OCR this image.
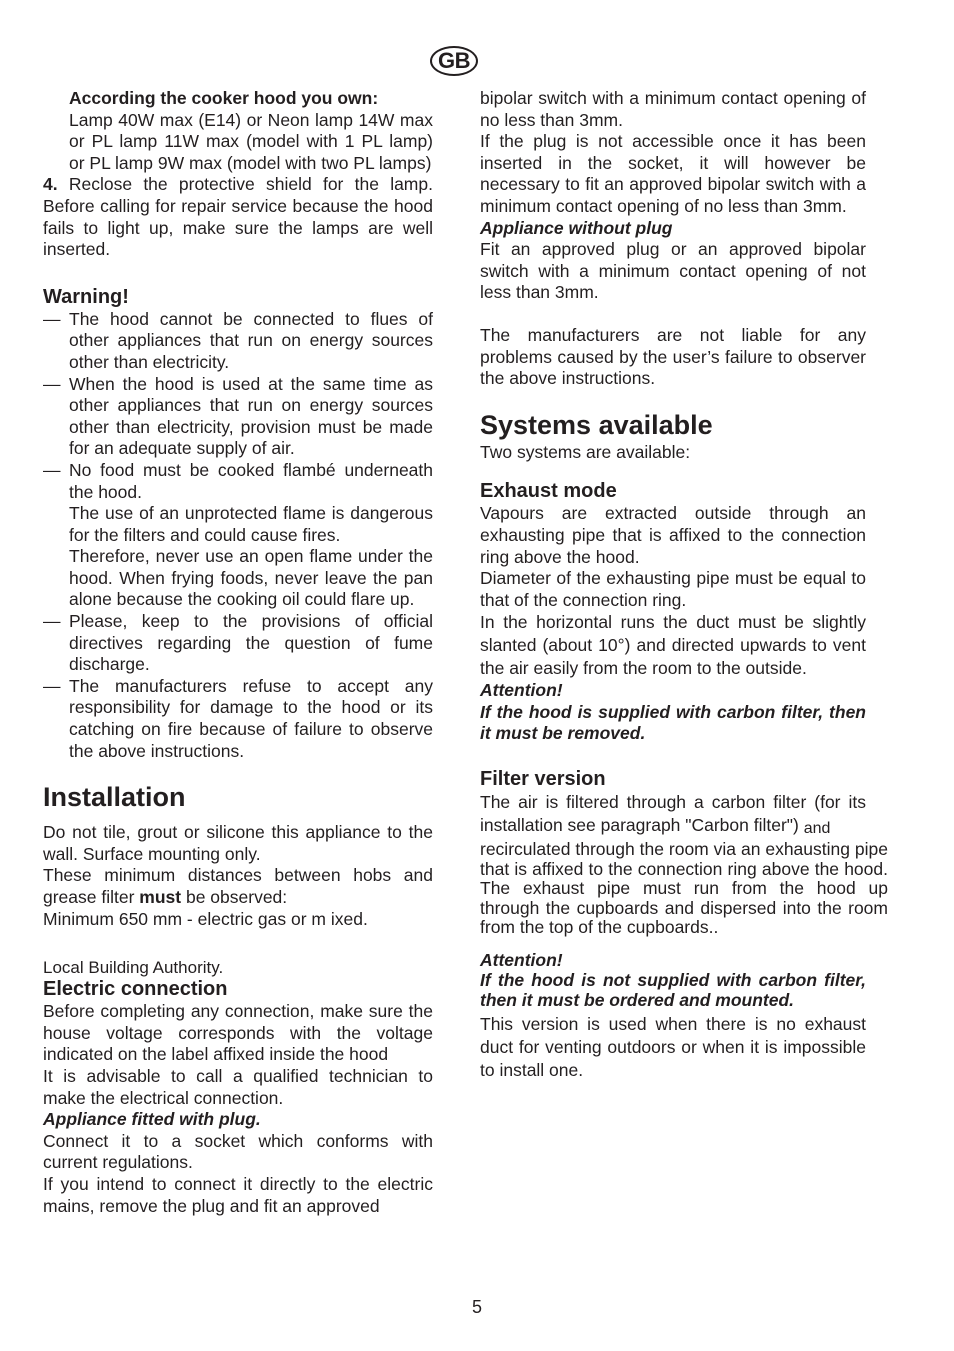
GB

According the cooker hood you own:

Lamp 40W max (E14) or Neon lamp 14W max or PL lamp 11W max (model with 1 PL lamp) or PL lamp 9W max (model with two PL lamps)

4. Reclose the protective shield for the lamp. Before calling for repair service because the hood fails to light up, make sure the lamps are well inserted.

Warning!
— The hood cannot be connected to flues of other appliances that run on energy sources other than electricity.
— When the hood is used at the same time as other appliances that run on energy sources other than electricity, provision must be made for an adequate supply of air.
— No food must be cooked flambé underneath the hood.

The use of an unprotected flame is dangerous for the filters and could cause fires.

Therefore, never use an open flame under the hood. When frying foods, never leave the pan alone because the cooking oil could flare up.

— Please, keep to the provisions of official directives regarding the question of fume discharge.
— The manufacturers refuse to accept any responsibility for damage to the hood or its catching on fire because of failure to observe the above instructions.
Installation

Do not tile, grout or silicone this appliance to the wall. Surface mounting only.

These minimum distances between hobs and grease filter must be observed:

Minimum 650 mm - electric gas or m ixed.

Local Building Authority.

Electric connection

Before completing any connection, make sure the house voltage corresponds with the voltage indicated on the label affixed inside the hood

It is advisable to call a qualified technician to make the electrical connection.

Appliance fitted with plug.

Connect it to a socket which conforms with current regulations.

If you intend to connect it directly to the electric mains, remove the plug and fit an approved

bipolar switch with a minimum contact opening of no less than 3mm.

If the plug is not accessible once it has been inserted in the socket, it will however be necessary to fit an approved bipolar switch with a minimum contact opening of no less than 3mm.

Appliance without plug

Fit an approved plug or an approved bipolar switch with a minimum contact opening of not less than 3mm.

The manufacturers are not liable for any problems caused by the user’s failure to observer the above instructions.

Systems available

Two systems are available:

Exhaust mode

Vapours are extracted outside through an exhausting pipe that is affixed to the connection ring above the hood.

Diameter of the exhausting pipe must be equal to that of the connection ring.

In the horizontal runs the duct must be slightly slanted (about 10°) and directed upwards to vent the air easily from the room to the outside.

Attention!

If the hood is supplied with carbon filter, then it must be removed.

Filter version

The air is filtered through a carbon filter (for its installation see paragraph "Carbon filter") and

recirculated through the room via an exhausting pipe that is affixed to the connection ring above the hood. The exhaust pipe must run from the hood up through the cupboards and dispersed into the room from the top of the cupboards..

Attention!

If the hood is not supplied with carbon filter, then it must be ordered and mounted.

This version is used when there is no exhaust duct for venting outdoors or when it is impossible to install one.

5
